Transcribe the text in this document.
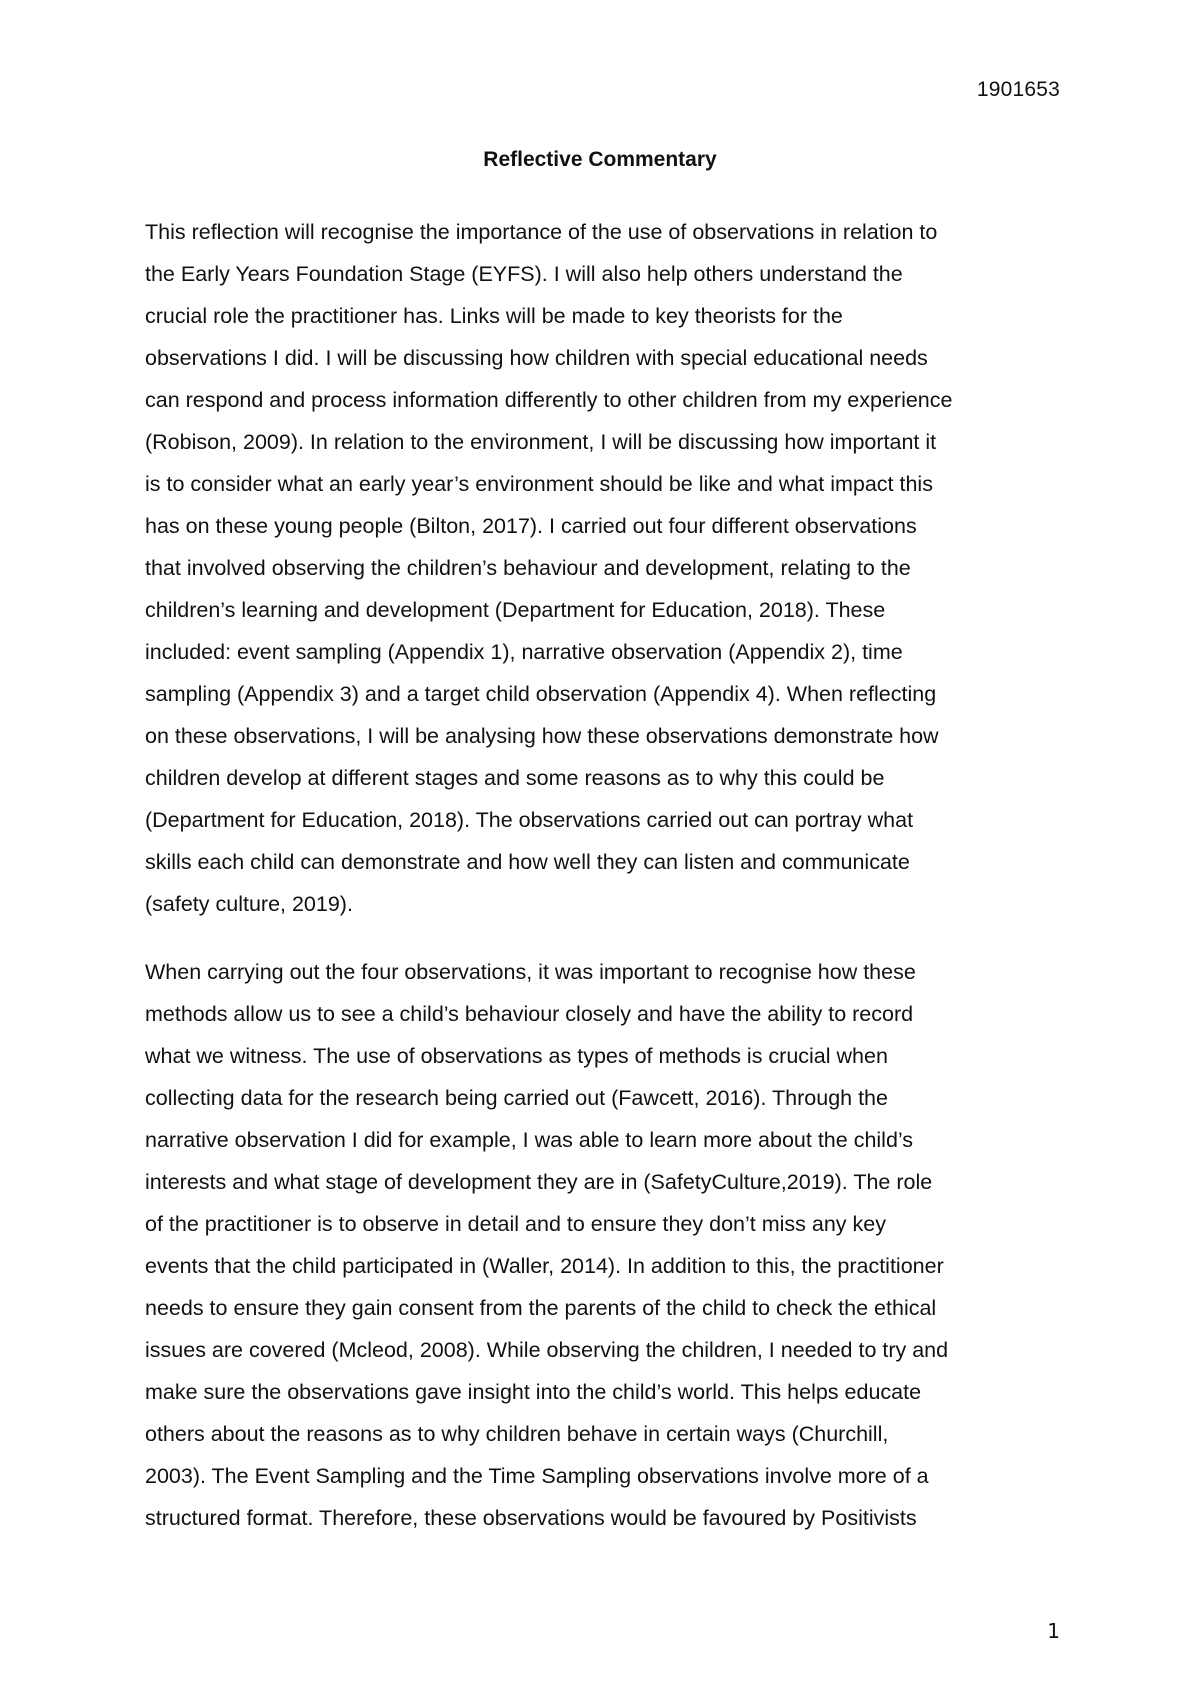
1901653
Reflective Commentary
This reflection will recognise the importance of the use of observations in relation to
the Early Years Foundation Stage (EYFS). I will also help others understand the
crucial role the practitioner has. Links will be made to key theorists for the
observations I did. I will be discussing how children with special educational needs
can respond and process information differently to other children from my experience
(Robison, 2009). In relation to the environment, I will be discussing how important it
is to consider what an early year’s environment should be like and what impact this
has on these young people (Bilton, 2017). I carried out four different observations
that involved observing the children’s behaviour and development, relating to the
children’s learning and development (Department for Education, 2018). These
included: event sampling (Appendix 1), narrative observation (Appendix 2), time
sampling (Appendix 3) and a target child observation (Appendix 4). When reflecting
on these observations, I will be analysing how these observations demonstrate how
children develop at different stages and some reasons as to why this could be
(Department for Education, 2018). The observations carried out can portray what
skills each child can demonstrate and how well they can listen and communicate
(safety culture, 2019).
When carrying out the four observations, it was important to recognise how these
methods allow us to see a child’s behaviour closely and have the ability to record
what we witness. The use of observations as types of methods is crucial when
collecting data for the research being carried out (Fawcett, 2016). Through the
narrative observation I did for example, I was able to learn more about the child’s
interests and what stage of development they are in (SafetyCulture,2019). The role
of the practitioner is to observe in detail and to ensure they don’t miss any key
events that the child participated in (Waller, 2014). In addition to this, the practitioner
needs to ensure they gain consent from the parents of the child to check the ethical
issues are covered (Mcleod, 2008). While observing the children, I needed to try and
make sure the observations gave insight into the child’s world. This helps educate
others about the reasons as to why children behave in certain ways (Churchill,
2003). The Event Sampling and the Time Sampling observations involve more of a
structured format. Therefore, these observations would be favoured by Positivists
1
